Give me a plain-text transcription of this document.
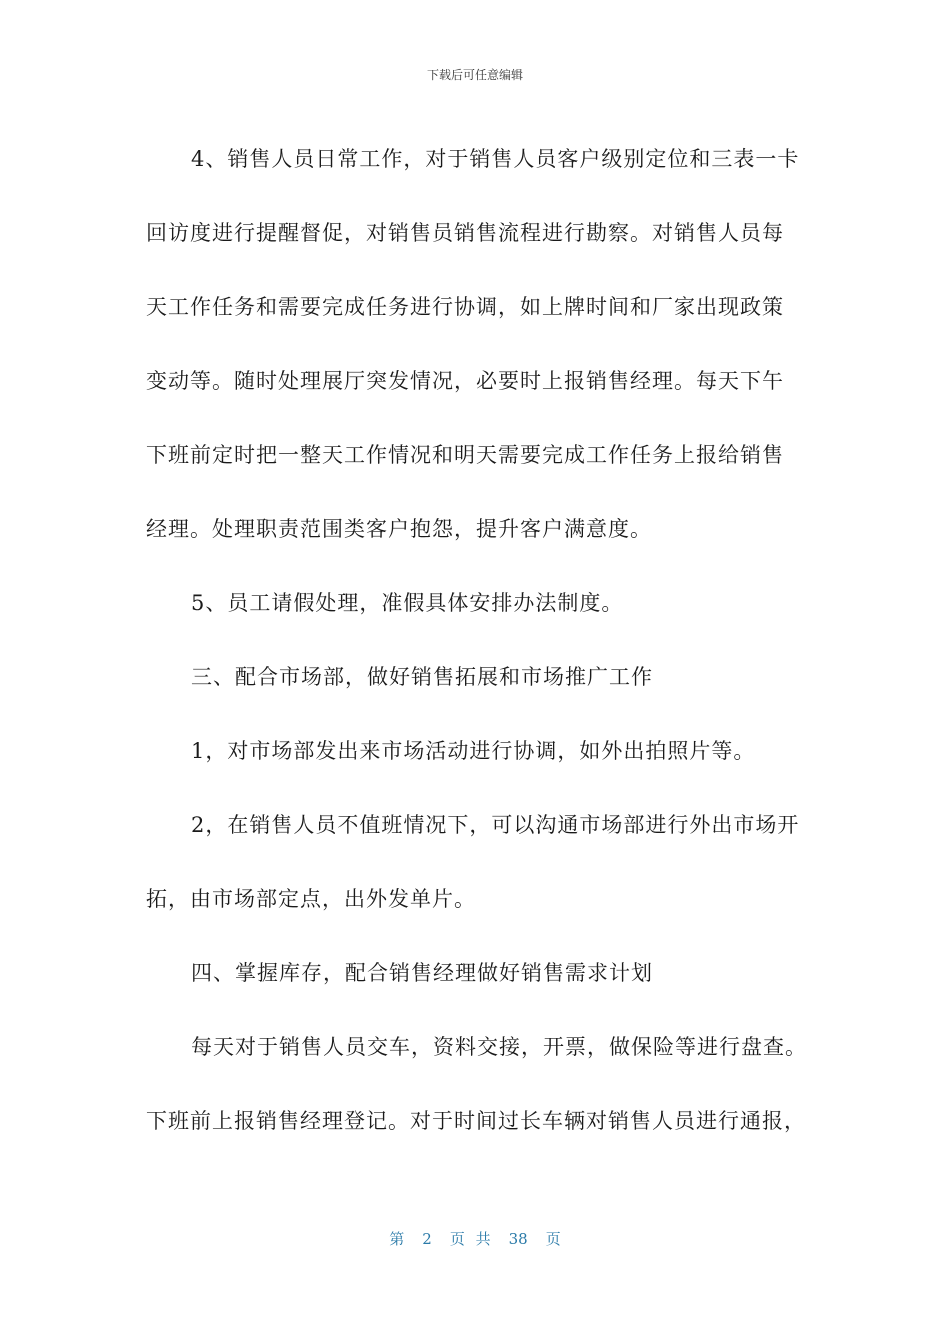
下载后可任意编辑
4、销售人员日常工作，对于销售人员客户级别定位和三表一卡
回访度进行提醒督促，对销售员销售流程进行勘察。对销售人员每
天工作任务和需要完成任务进行协调，如上牌时间和厂家出现政策
变动等。随时处理展厅突发情况，必要时上报销售经理。每天下午
下班前定时把一整天工作情况和明天需要完成工作任务上报给销售
经理。处理职责范围类客户抱怨，提升客户满意度。
5、员工请假处理，准假具体安排办法制度。
三、配合市场部，做好销售拓展和市场推广工作
1，对市场部发出来市场活动进行协调，如外出拍照片等。
2，在销售人员不值班情况下，可以沟通市场部进行外出市场开
拓，由市场部定点，出外发单片。
四、掌握库存，配合销售经理做好销售需求计划
每天对于销售人员交车，资料交接，开票，做保险等进行盘查。
下班前上报销售经理登记。对于时间过长车辆对销售人员进行通报，
第 2 页 共 38 页
